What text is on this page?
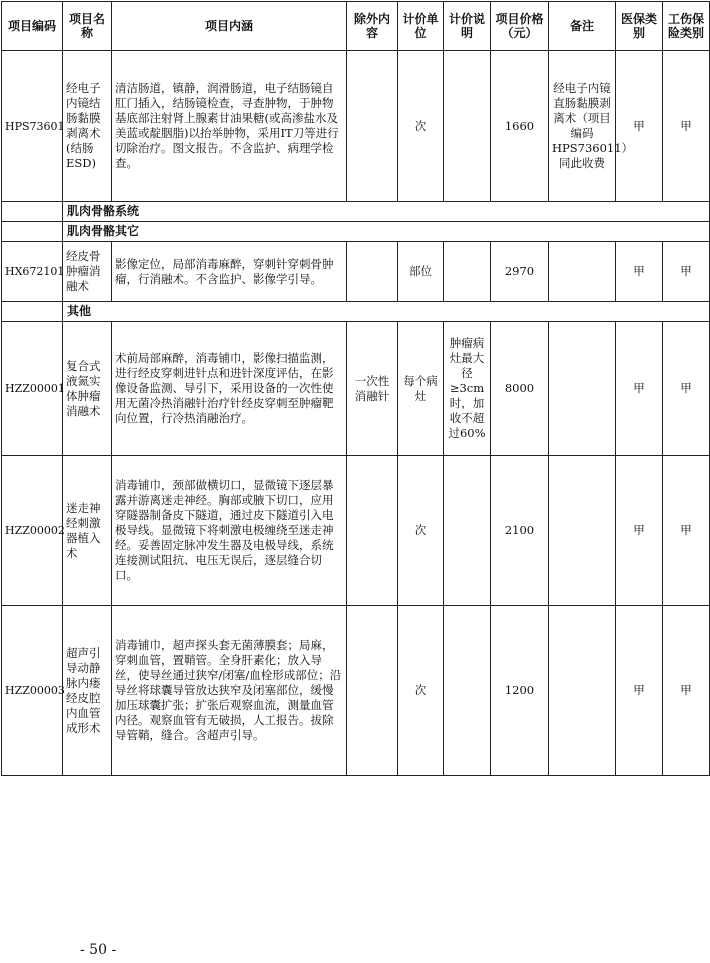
项目编码	项目名称	项目内涵	除外内容	计价单位	计价说明	项目价格（元）	备注	医保类别	工伤保险类别
HPS73601	经电子内镜结肠黏膜剥离术(结肠ESD)	清洁肠道，镇静，润滑肠道，电子结肠镜自肛门插入，结肠镜检查，寻查肿物，于肿物基底部注射肾上腺素甘油果糖(或高渗盐水及美蓝或靛胭脂)以抬举肿物，采用IT刀等进行切除治疗。图文报告。不含监护、病理学检查。		次		1660	经电子内镜直肠黏膜剥离术（项目编码HPS736011）同此收费	甲	甲
	肌肉骨骼系统								
	肌肉骨骼其它								
HX672101	经皮骨肿瘤消融术	影像定位，局部消毒麻醉，穿刺针穿刺骨肿瘤，行消融术。不含监护、影像学引导。		部位		2970		甲	甲
	其他								
HZZ00001	复合式液氮实体肿瘤消融术	术前局部麻醉，消毒铺巾，影像扫描监测，进行经皮穿刺进针点和进针深度评估，在影像设备监测、导引下，采用设备的一次性使用无菌冷热消融针治疗针经皮穿刺至肿瘤靶向位置，行冷热消融治疗。	一次性消融针	每个病灶	肿瘤病灶最大径≥3cm时，加收不超过60%	8000		甲	甲
HZZ00002	迷走神经刺激器植入术	消毒铺巾，颈部做横切口，显微镜下逐层暴露并游离迷走神经。胸部或腋下切口，应用穿隧器制备皮下隧道，通过皮下隧道引入电极导线。显微镜下将刺激电极缠绕至迷走神经。妥善固定脉冲发生器及电极导线，系统连接测试阻抗、电压无误后，逐层缝合切口。		次		2100		甲	甲
HZZ00003	超声引导动静脉内瘘经皮腔内血管成形术	消毒铺巾，超声探头套无菌薄膜套；局麻，穿刺血管，置鞘管。全身肝素化；放入导丝，使导丝通过狭窄/闭塞/血栓形成部位；沿导丝将球囊导管放达狭窄及闭塞部位，缓慢加压球囊扩张；扩张后观察血流，测量血管内径。观察血管有无破损，人工报告。拔除导管鞘，缝合。含超声引导。		次		1200		甲	甲
- 50 -
